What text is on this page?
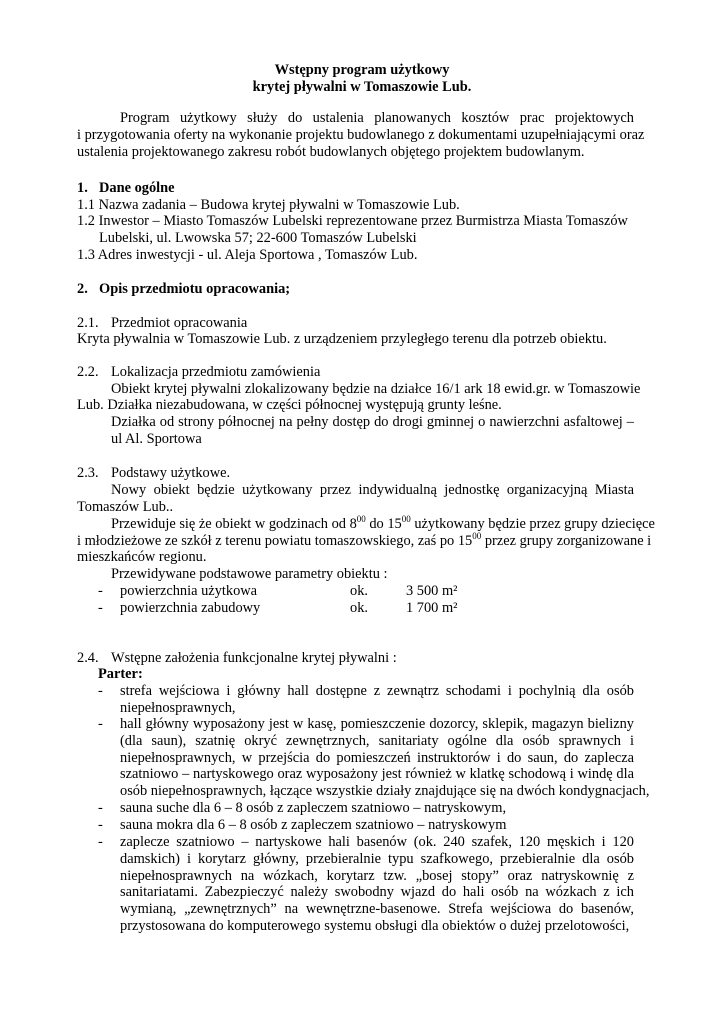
Wstępny program użytkowy
krytej pływalni w Tomaszowie Lub.
Program użytkowy służy do ustalenia planowanych kosztów prac projektowych
i przygotowania oferty na wykonanie projektu budowlanego z dokumentami uzupełniającymi oraz
ustalenia projektowanego zakresu robót budowlanych objętego projektem budowlanym.
1. Dane ogólne
1.1 Nazwa zadania – Budowa krytej pływalni w Tomaszowie Lub.
1.2 Inwestor – Miasto Tomaszów Lubelski reprezentowane przez Burmistrza Miasta Tomaszów
Lubelski, ul. Lwowska 57; 22-600 Tomaszów Lubelski
1.3 Adres inwestycji - ul. Aleja Sportowa , Tomaszów Lub.
2. Opis przedmiotu opracowania;
2.1. Przedmiot opracowania
Kryta pływalnia w Tomaszowie Lub. z urządzeniem przyległego terenu dla potrzeb obiektu.
2.2. Lokalizacja przedmiotu zamówienia
Obiekt krytej pływalni zlokalizowany będzie na działce 16/1 ark 18 ewid.gr. w Tomaszowie
Lub. Działka niezabudowana, w części północnej występują grunty leśne.
Działka od strony północnej na pełny dostęp do drogi gminnej o nawierzchni asfaltowej –
ul Al. Sportowa
2.3. Podstawy użytkowe.
Nowy obiekt będzie użytkowany przez indywidualną jednostkę organizacyjną Miasta
Tomaszów Lub..
Przewiduje się że obiekt w godzinach od $8^{00}$ do $15^{00}$ użytkowany będzie przez grupy dziecięce
i młodzieżowe ze szkół z terenu powiatu tomaszowskiego, zaś po $15^{00}$ przez grupy zorganizowane i
mieszkańców regionu.
Przewidywane podstawowe parametry obiektu :
- powierzchnia użytkowa	ok.	3 500 m²
- powierzchnia zabudowy	ok.	1 700 m²
2.4. Wstępne założenia funkcjonalne krytej pływalni :
Parter:
- strefa wejściowa i główny hall dostępne z zewnątrz schodami i pochylnią dla osób
niepełnosprawnych,
- hall główny wyposażony jest w kasę, pomieszczenie dozorcy, sklepik, magazyn bielizny
(dla saun), szatnię okryć zewnętrznych, sanitariaty ogólne dla osób sprawnych i
niepełnosprawnych, w przejścia do pomieszczeń instruktorów i do saun, do zaplecza
szatniowo – nartyskowego oraz wyposażony jest również w klatkę schodową i windę dla
osób niepełnosprawnych, łączące wszystkie działy znajdujące się na dwóch kondygnacjach,
- sauna suche dla 6 – 8 osób z zapleczem szatniowo – natryskowym,
- sauna mokra dla 6 – 8 osób z zapleczem szatniowo – natryskowym
- zaplecze szatniowo – nartyskowe hali basenów (ok. 240 szafek, 120 męskich i 120
damskich) i korytarz główny, przebieralnie typu szafkowego, przebieralnie dla osób
niepełnosprawnych na wózkach, korytarz tzw. „bosej stopy” oraz natryskownię z
sanitariatami. Zabezpieczyć należy swobodny wjazd do hali osób na wózkach z ich
wymianą, „zewnętrznych” na wewnętrzne-basenowe. Strefa wejściowa do basenów,
przystosowana do komputerowego systemu obsługi dla obiektów o dużej przelotowości,
